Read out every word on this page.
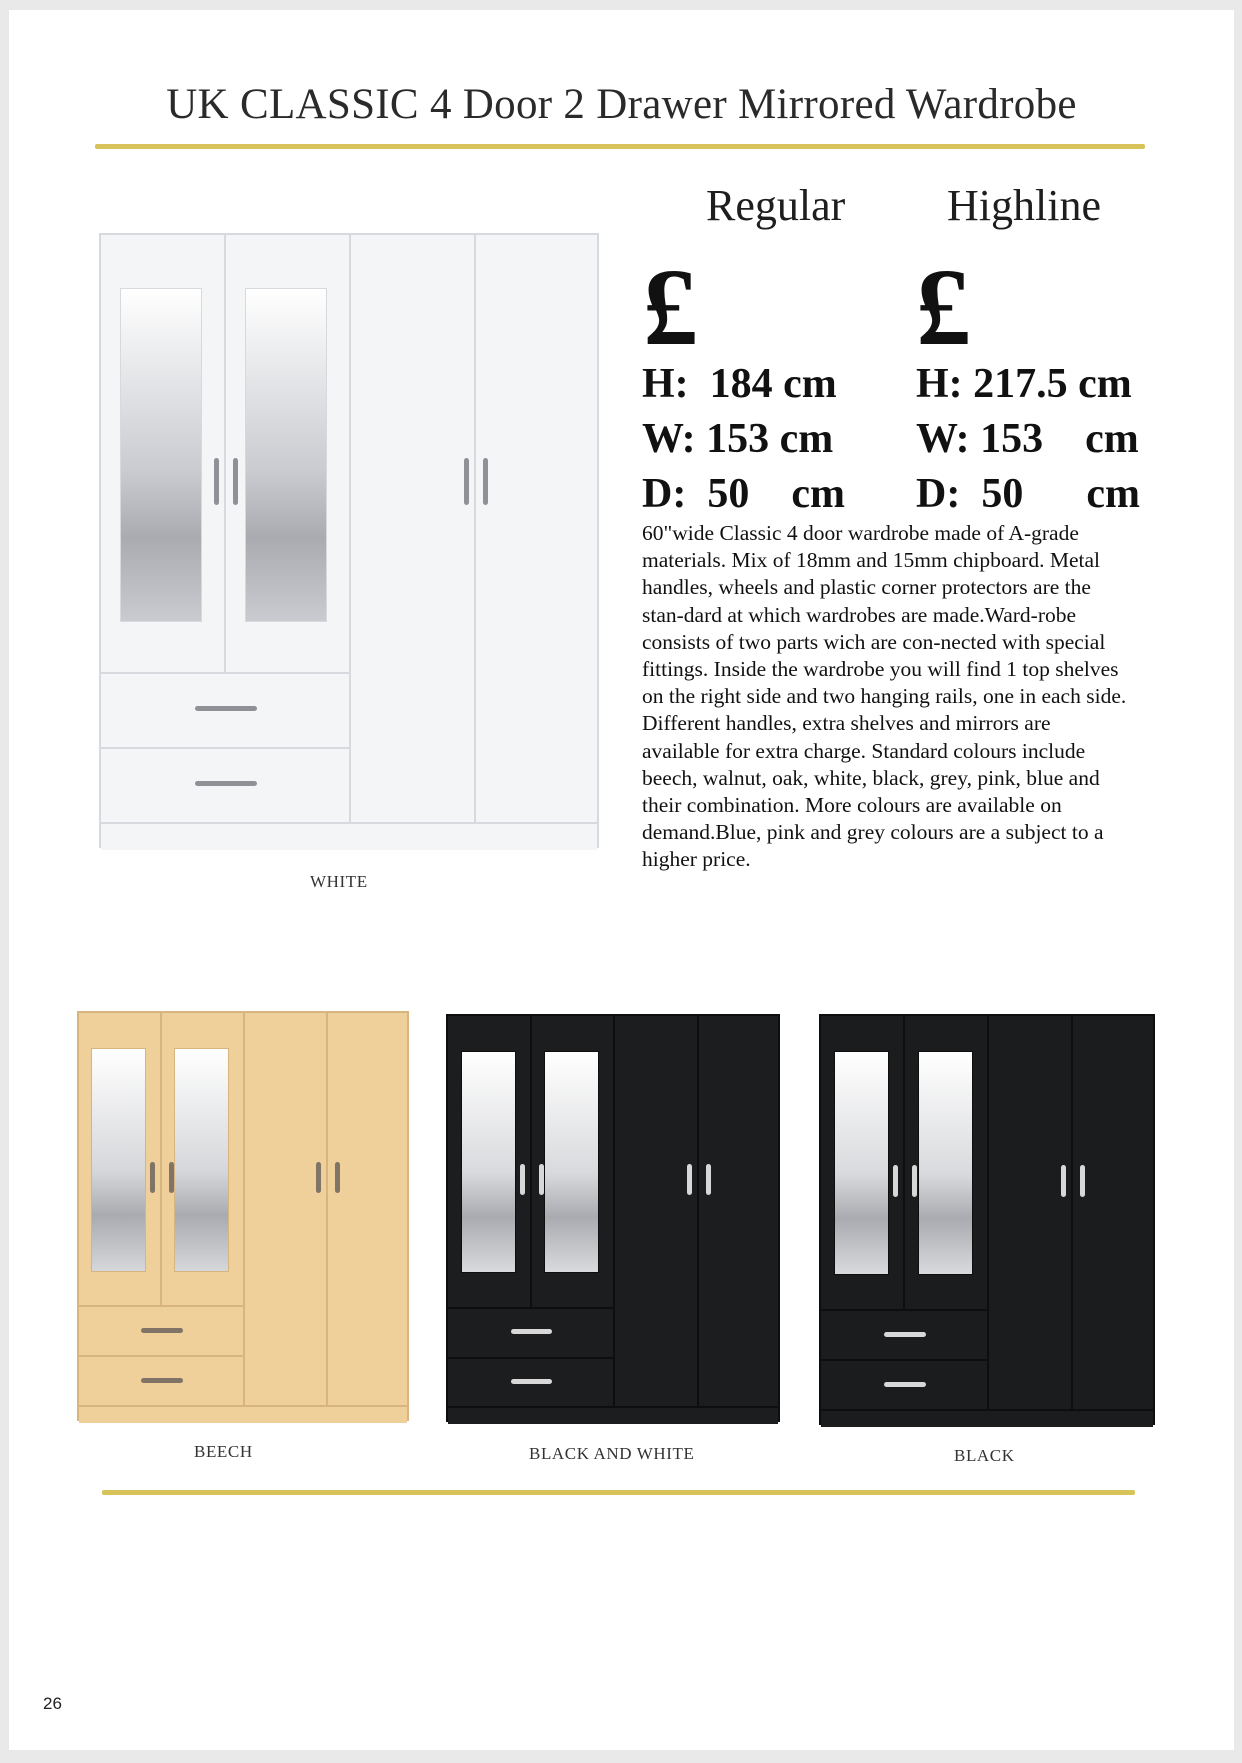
UK CLASSIC 4 Door 2 Drawer Mirrored Wardrobe
Regular Highline
£ £
H:  184 cm
W: 153 cm
D:  50    cm
H: 217.5 cm
W: 153    cm
D:  50      cm
60"wide Classic 4 door wardrobe made of A-grade materials. Mix of 18mm and 15mm chipboard. Metal handles, wheels and plastic corner protectors are the stan-dard at which wardrobes are made.Ward-robe consists of two parts wich are con-nected with special fittings. Inside the wardrobe you will find 1 top shelves on the right side and two hanging rails, one in each side. Different handles, extra shelves and mirrors are available for extra charge. Standard colours include beech, walnut, oak, white, black, grey, pink, blue and their combination. More colours are available on demand.Blue, pink and grey colours are a subject to a higher price.
WHITE
BEECH	BLACK AND WHITE	BLACK
26
